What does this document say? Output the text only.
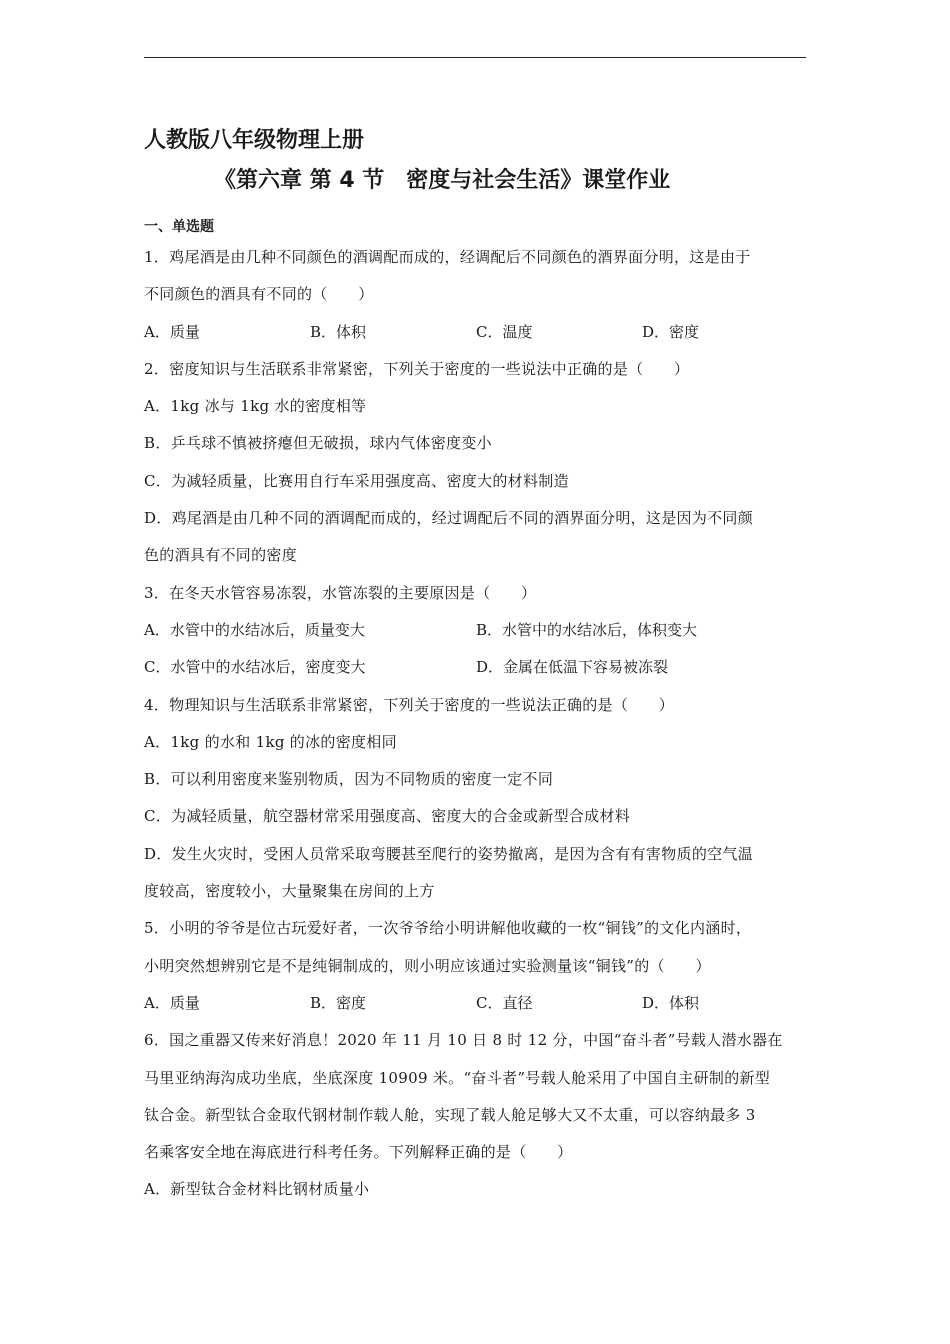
人教版八年级物理上册
《第六章 第 4 节 密度与社会生活》课堂作业
一、单选题
1．鸡尾酒是由几种不同颜色的酒调配而成的，经调配后不同颜色的酒界面分明，这是由于
不同颜色的酒具有不同的（　　）
A．质量	B．体积	C．温度	D．密度
2．密度知识与生活联系非常紧密，下列关于密度的一些说法中正确的是（　　）
A．1kg 冰与 1kg 水的密度相等
B．乒乓球不慎被挤瘪但无破损，球内气体密度变小
C．为减轻质量，比赛用自行车采用强度高、密度大的材料制造
D．鸡尾酒是由几种不同的酒调配而成的，经过调配后不同的酒界面分明，这是因为不同颜
色的酒具有不同的密度
3．在冬天水管容易冻裂，水管冻裂的主要原因是（　　）
A．水管中的水结冰后，质量变大	B．水管中的水结冰后，体积变大
C．水管中的水结冰后，密度变大	D．金属在低温下容易被冻裂
4．物理知识与生活联系非常紧密，下列关于密度的一些说法正确的是（　　）
A．1kg 的水和 1kg 的冰的密度相同
B．可以利用密度来鉴别物质，因为不同物质的密度一定不同
C．为减轻质量，航空器材常采用强度高、密度大的合金或新型合成材料
D．发生火灾时，受困人员常采取弯腰甚至爬行的姿势撤离，是因为含有有害物质的空气温
度较高，密度较小，大量聚集在房间的上方
5．小明的爷爷是位古玩爱好者，一次爷爷给小明讲解他收藏的一枚“铜钱”的文化内涵时，
小明突然想辨别它是不是纯铜制成的，则小明应该通过实验测量该“铜钱”的（　　）
A．质量	B．密度	C．直径	D．体积
6．国之重器又传来好消息！2020 年 11 月 10 日 8 时 12 分，中国“奋斗者”号载人潜水器在
马里亚纳海沟成功坐底，坐底深度 10909 米。“奋斗者”号载人舱采用了中国自主研制的新型
钛合金。新型钛合金取代钢材制作载人舱，实现了载人舱足够大又不太重，可以容纳最多 3
名乘客安全地在海底进行科考任务。下列解释正确的是（　　）
A．新型钛合金材料比钢材质量小
